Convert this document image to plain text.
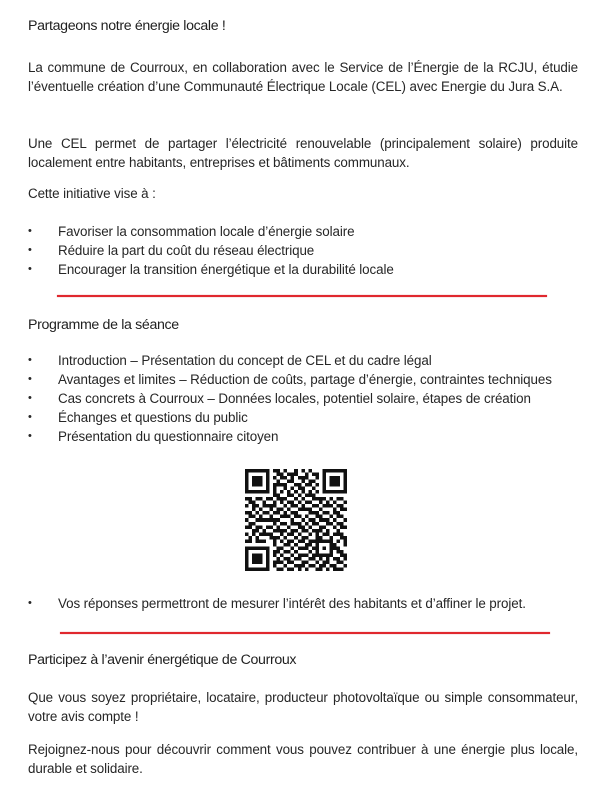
Partageons notre énergie locale !

La commune de Courroux, en collaboration avec le Service de l’Énergie de la RCJU, étudie l’éventuelle création d’une Communauté Électrique Locale (CEL) avec Energie du Jura S.A.

Une CEL permet de partager l’électricité renouvelable (principalement solaire) produite localement entre habitants, entreprises et bâtiments communaux.

Cette initiative vise à :

•	Favoriser la consommation locale d’énergie solaire
•	Réduire la part du coût du réseau électrique
•	Encourager la transition énergétique et la durabilité locale
Programme de la séance
•	Introduction – Présentation du concept de CEL et du cadre légal
•	Avantages et limites – Réduction de coûts, partage d’énergie, contraintes techniques
•	Cas concrets à Courroux – Données locales, potentiel solaire, étapes de création
•	Échanges et questions du public
•	Présentation du questionnaire citoyen
•	Vos réponses permettront de mesurer l’intérêt des habitants et d’affiner le projet.
Participez à l’avenir énergétique de Courroux

Que vous soyez propriétaire, locataire, producteur photovoltaïque ou simple consommateur, votre avis compte !

Rejoignez-nous pour découvrir comment vous pouvez contribuer à une énergie plus locale, durable et solidaire.
